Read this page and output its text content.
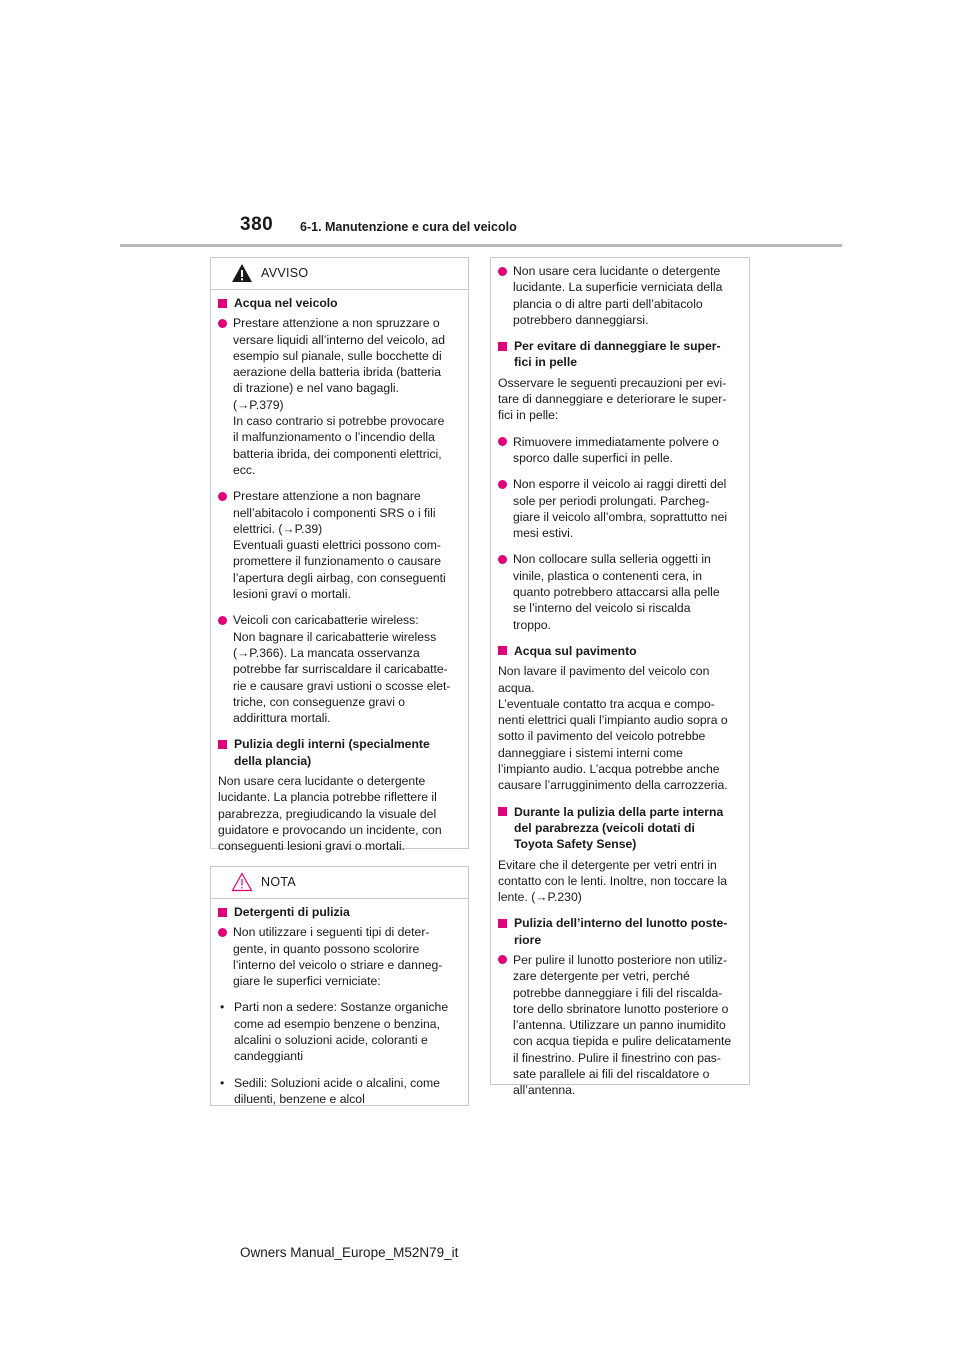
380 6-1. Manutenzione e cura del veicolo
AVVISO
Acqua nel veicolo
Prestare attenzione a non spruzzare o
versare liquidi all’interno del veicolo, ad
esempio sul pianale, sulle bocchette di
aerazione della batteria ibrida (batteria
di trazione) e nel vano bagagli.
(→P.379)
In caso contrario si potrebbe provocare
il malfunzionamento o l’incendio della
batteria ibrida, dei componenti elettrici,
ecc.
Prestare attenzione a non bagnare
nell’abitacolo i componenti SRS o i fili
elettrici. (→P.39)
Eventuali guasti elettrici possono com-
promettere il funzionamento o causare
l’apertura degli airbag, con conseguenti
lesioni gravi o mortali.
Veicoli con caricabatterie wireless:
Non bagnare il caricabatterie wireless
(→P.366). La mancata osservanza
potrebbe far surriscaldare il caricabatte-
rie e causare gravi ustioni o scosse elet-
triche, con conseguenze gravi o
addirittura mortali.
Pulizia degli interni (specialmente
della plancia)
Non usare cera lucidante o detergente
lucidante. La plancia potrebbe riflettere il
parabrezza, pregiudicando la visuale del
guidatore e provocando un incidente, con
conseguenti lesioni gravi o mortali.
NOTA
Detergenti di pulizia
Non utilizzare i seguenti tipi di deter-
gente, in quanto possono scolorire
l’interno del veicolo o striare e danneg-
giare le superfici verniciate:
• Parti non a sedere: Sostanze organiche
come ad esempio benzene o benzina,
alcalini o soluzioni acide, coloranti e
candeggianti
• Sedili: Soluzioni acide o alcalini, come
diluenti, benzene e alcol
Non usare cera lucidante o detergente
lucidante. La superficie verniciata della
plancia o di altre parti dell’abitacolo
potrebbero danneggiarsi.
Per evitare di danneggiare le super-
fici in pelle
Osservare le seguenti precauzioni per evi-
tare di danneggiare e deteriorare le super-
fici in pelle:
Rimuovere immediatamente polvere o
sporco dalle superfici in pelle.
Non esporre il veicolo ai raggi diretti del
sole per periodi prolungati. Parcheg-
giare il veicolo all’ombra, soprattutto nei
mesi estivi.
Non collocare sulla selleria oggetti in
vinile, plastica o contenenti cera, in
quanto potrebbero attaccarsi alla pelle
se l’interno del veicolo si riscalda
troppo.
Acqua sul pavimento
Non lavare il pavimento del veicolo con
acqua.
L’eventuale contatto tra acqua e compo-
nenti elettrici quali l’impianto audio sopra o
sotto il pavimento del veicolo potrebbe
danneggiare i sistemi interni come
l’impianto audio. L’acqua potrebbe anche
causare l’arrugginimento della carrozzeria.
Durante la pulizia della parte interna
del parabrezza (veicoli dotati di
Toyota Safety Sense)
Evitare che il detergente per vetri entri in
contatto con le lenti. Inoltre, non toccare la
lente. (→P.230)
Pulizia dell’interno del lunotto poste-
riore
Per pulire il lunotto posteriore non utiliz-
zare detergente per vetri, perché
potrebbe danneggiare i fili del riscalda-
tore dello sbrinatore lunotto posteriore o
l’antenna. Utilizzare un panno inumidito
con acqua tiepida e pulire delicatamente
il finestrino. Pulire il finestrino con pas-
sate parallele ai fili del riscaldatore o
all’antenna.
Owners Manual_Europe_M52N79_it
